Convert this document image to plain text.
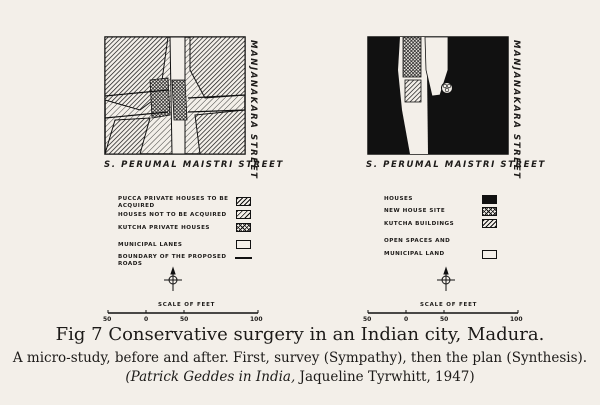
S. PERUMAL MAISTRI STREET
MANJANAKARA STREET	S. PERUMAL MAISTRI STREET
MANJANAKARA STREET
PUCCA PRIVATE HOUSES TO BE ACQUIRED
HOUSES NOT TO BE ACQUIRED
KUTCHA PRIVATE HOUSES
MUNICIPAL LANES
BOUNDARY OF THE PROPOSED ROADS
HOUSES
NEW HOUSE SITE
KUTCHA BUILDINGS
OPEN SPACES AND
MUNICIPAL LAND
SCALE OF FEET
50	0	50	100
SCALE OF FEET
50	0	50	100
Fig 7 Conservative surgery in an Indian city, Madura.
A micro-study, before and after. First, survey (Sympathy), then the plan (Synthesis).
(Patrick Geddes in India, Jaqueline Tyrwhitt, 1947)
